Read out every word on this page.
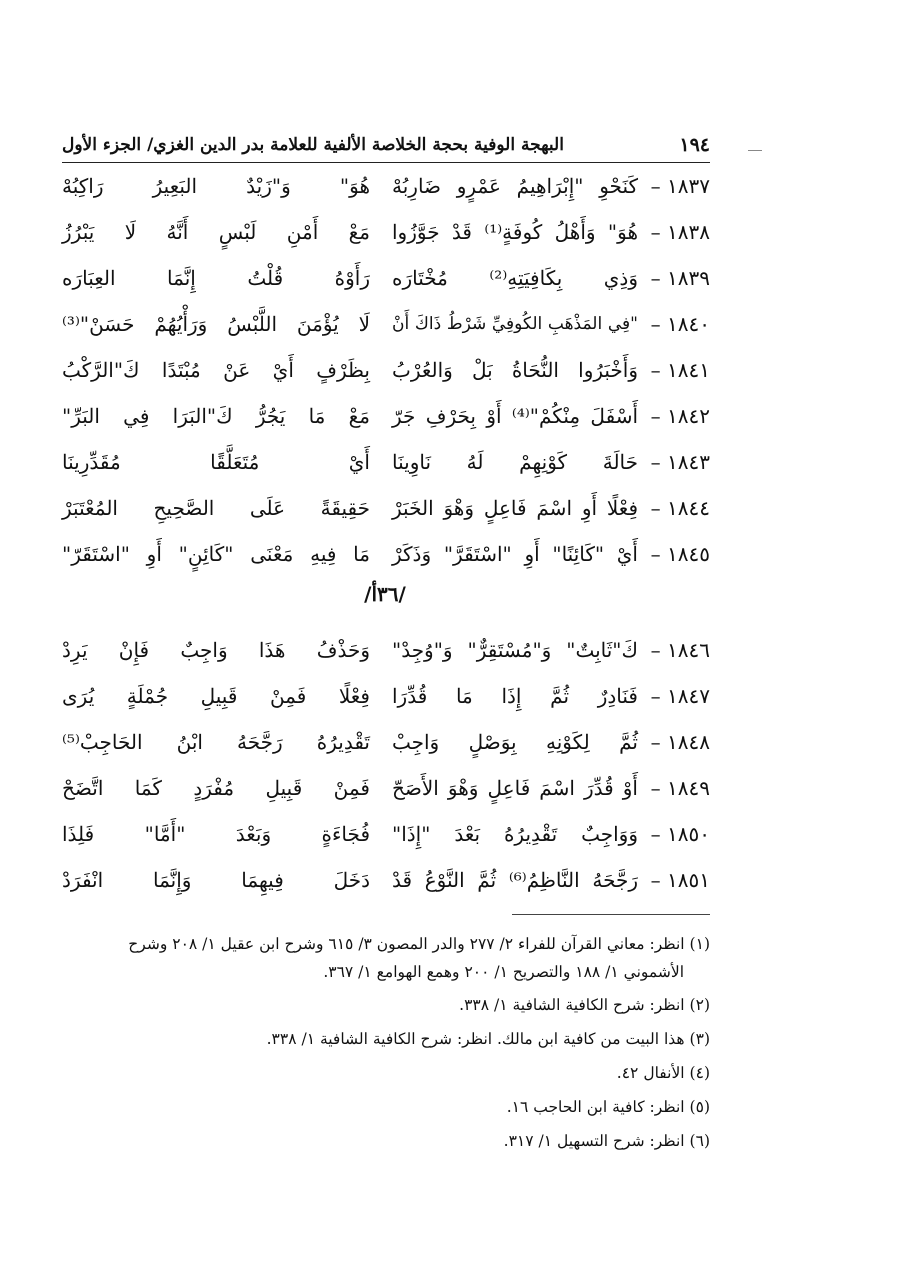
١٩٤
البهجة الوفية بحجة الخلاصة الألفية للعلامة بدر الدين الغزي/ الجزء الأول
١٨٣٧ –
كَنَحْوِ "إِبْرَاهِيمُ عَمْرٍو ضَارِبُهْ
هُوَ" وَ"زَيْدٌ البَعِيرُ رَاكِبُهْ
١٨٣٨ –
هُوَ" وَأَهْلُ كُوفَةٍ⁽¹⁾ قَدْ جَوَّزُوا
مَعْ أَمْنِ لَبْسٍ أَنَّهُ لَا يَبْرُزُ
١٨٣٩ –
وَذِي بِكَافِيَتِهِ⁽²⁾ مُخْتَارَه
رَأَوْهُ قُلْتُ إِنَّمَا العِبَارَه
١٨٤٠ –
"فِي المَذْهَبِ الكُوفِيِّ شَرْطُ ذَاكَ أَنْ
لَا يُؤْمَنَ اللَّبْسُ وَرَأْيُهُمْ حَسَنْ"⁽³⁾
١٨٤١ –
وَأَخْبَرُوا النُّحَاةُ بَلْ وَالعُرْبُ
بِظَرْفٍ أَيْ عَنْ مُبْتَدًا كَ"الرَّكْبُ
١٨٤٢ –
أَسْفَلَ مِنْكُمْ"⁽⁴⁾ أَوْ بِحَرْفِ جَرّ
مَعْ مَا يَجُرُّ كَ"البَرَا فِي البَرِّ"
١٨٤٣ –
حَالَةَ كَوْنِهِمْ لَهُ نَاوِينَا
أَيْ مُتَعَلَّقًا مُقَدِّرِينَا
١٨٤٤ –
فِعْلًا أَوِ اسْمَ فَاعِلٍ وَهْوَ الخَبَرْ
حَقِيقَةً عَلَى الصَّحِيحِ المُعْتَبَرْ
١٨٤٥ –
أَيْ "كَائِنًا" أَوِ "اسْتَقَرَّ" وَذَكَرْ
مَا فِيهِ مَعْنَى "كَائِنٍ" أَوِ "اسْتَقَرّ"
/٣٦أ/
١٨٤٦ –
كَ"ثَابِتٌ" وَ"مُسْتَقِرٌّ" وَ"وُجِدْ"
وَحَذْفُ هَذَا وَاجِبٌ فَإِنْ يَرِدْ
١٨٤٧ –
فَنَادِرٌ ثُمَّ إِذَا مَا قُدِّرَا
فِعْلًا فَمِنْ قَبِيلِ جُمْلَةٍ يُرَى
١٨٤٨ –
ثُمَّ لِكَوْنِهِ بِوَصْلٍ وَاجِبْ
تَقْدِيرُهُ رَجَّحَهُ ابْنُ الحَاجِبْ⁽⁵⁾
١٨٤٩ –
أَوْ قُدِّرَ اسْمَ فَاعِلٍ وَهْوَ الأَصَحّ
فَمِنْ قَبِيلِ مُفْرَدٍ كَمَا اتَّضَحْ
١٨٥٠ –
وَوَاجِبٌ تَقْدِيرُهُ بَعْدَ "إِذَا"
فُجَاءَةٍ وَبَعْدَ "أَمَّا" فَلِذَا
١٨٥١ –
رَجَّحَهُ النَّاظِمُ⁽⁶⁾ ثُمَّ النَّوْعُ قَدْ
دَخَلَ فِيهِمَا وَإِنَّمَا انْفَرَدْ
(١) انظر: معاني القرآن للفراء ٢/ ٢٧٧ والدر المصون ٣/ ٦١٥ وشرح ابن عقيل ١/ ٢٠٨ وشرح
الأشموني ١/ ١٨٨ والتصريح ١/ ٢٠٠ وهمع الهوامع ١/ ٣٦٧.
(٢) انظر: شرح الكافية الشافية ١/ ٣٣٨.
(٣) هذا البيت من كافية ابن مالك. انظر: شرح الكافية الشافية ١/ ٣٣٨.
(٤) الأنفال ٤٢.
(٥) انظر: كافية ابن الحاجب ١٦.
(٦) انظر: شرح التسهيل ١/ ٣١٧.
